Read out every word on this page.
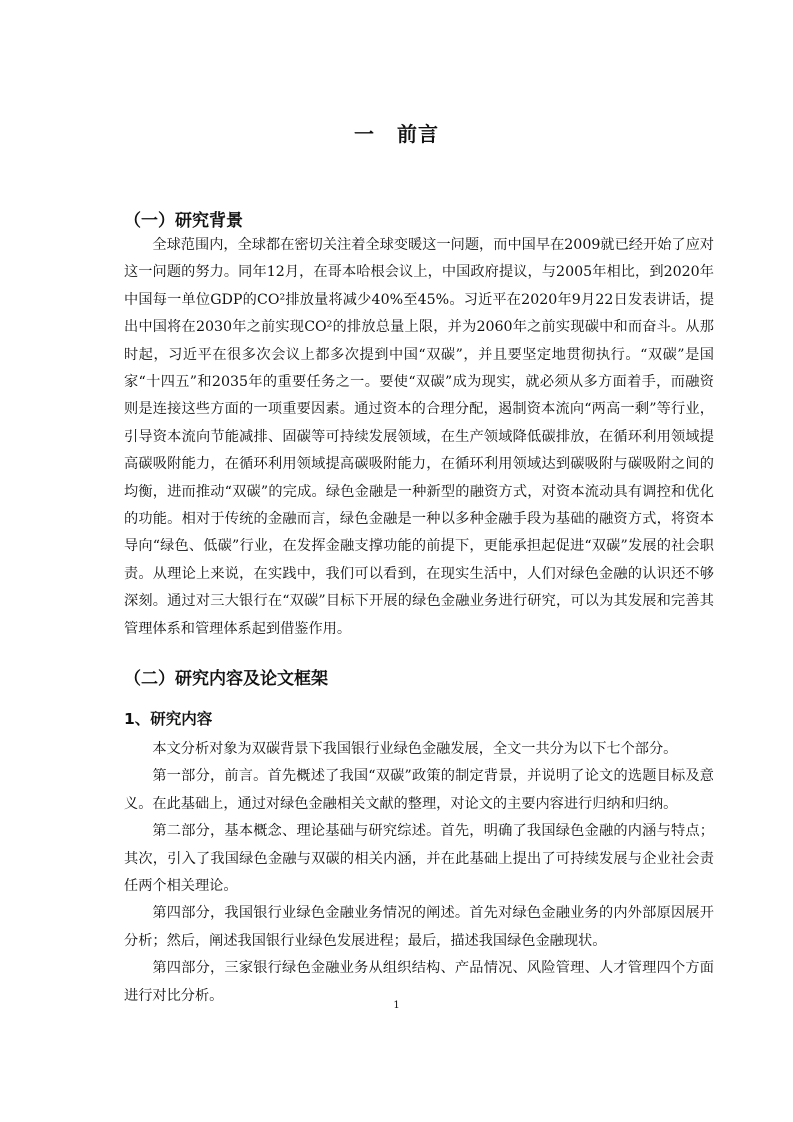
一 前言
（一）研究背景

全球范围内，全球都在密切关注着全球变暖这一问题，而中国早在2009就已经开始了应对这一问题的努力。同年12月，在哥本哈根会议上，中国政府提议，与2005年相比，到2020年中国每一单位GDP的CO²排放量将减少40%至45%。习近平在2020年9月22日发表讲话，提出中国将在2030年之前实现CO²的排放总量上限，并为2060年之前实现碳中和而奋斗。从那时起，习近平在很多次会议上都多次提到中国“双碳”，并且要坚定地贯彻执行。“双碳”是国家“十四五”和2035年的重要任务之一。要使“双碳”成为现实，就必须从多方面着手，而融资则是连接这些方面的一项重要因素。通过资本的合理分配，遏制资本流向“两高一剩”等行业，引导资本流向节能减排、固碳等可持续发展领域，在生产领域降低碳排放，在循环利用领域提高碳吸附能力，在循环利用领域提高碳吸附能力，在循环利用领域达到碳吸附与碳吸附之间的均衡，进而推动“双碳”的完成。绿色金融是一种新型的融资方式，对资本流动具有调控和优化的功能。相对于传统的金融而言，绿色金融是一种以多种金融手段为基础的融资方式，将资本导向“绿色、低碳”行业，在发挥金融支撑功能的前提下，更能承担起促进“双碳”发展的社会职责。从理论上来说，在实践中，我们可以看到，在现实生活中，人们对绿色金融的认识还不够深刻。通过对三大银行在“双碳”目标下开展的绿色金融业务进行研究，可以为其发展和完善其管理体系和管理体系起到借鉴作用。

（二）研究内容及论文框架
1、研究内容

本文分析对象为双碳背景下我国银行业绿色金融发展，全文一共分为以下七个部分。

第一部分，前言。首先概述了我国“双碳”政策的制定背景，并说明了论文的选题目标及意义。在此基础上，通过对绿色金融相关文献的整理，对论文的主要内容进行归纳和归纳。

第二部分，基本概念、理论基础与研究综述。首先，明确了我国绿色金融的内涵与特点；其次，引入了我国绿色金融与双碳的相关内涵，并在此基础上提出了可持续发展与企业社会责任两个相关理论。

第四部分，我国银行业绿色金融业务情况的阐述。首先对绿色金融业务的内外部原因展开分析；然后，阐述我国银行业绿色发展进程；最后，描述我国绿色金融现状。

第四部分，三家银行绿色金融业务从组织结构、产品情况、风险管理、人才管理四个方面进行对比分析。

1
